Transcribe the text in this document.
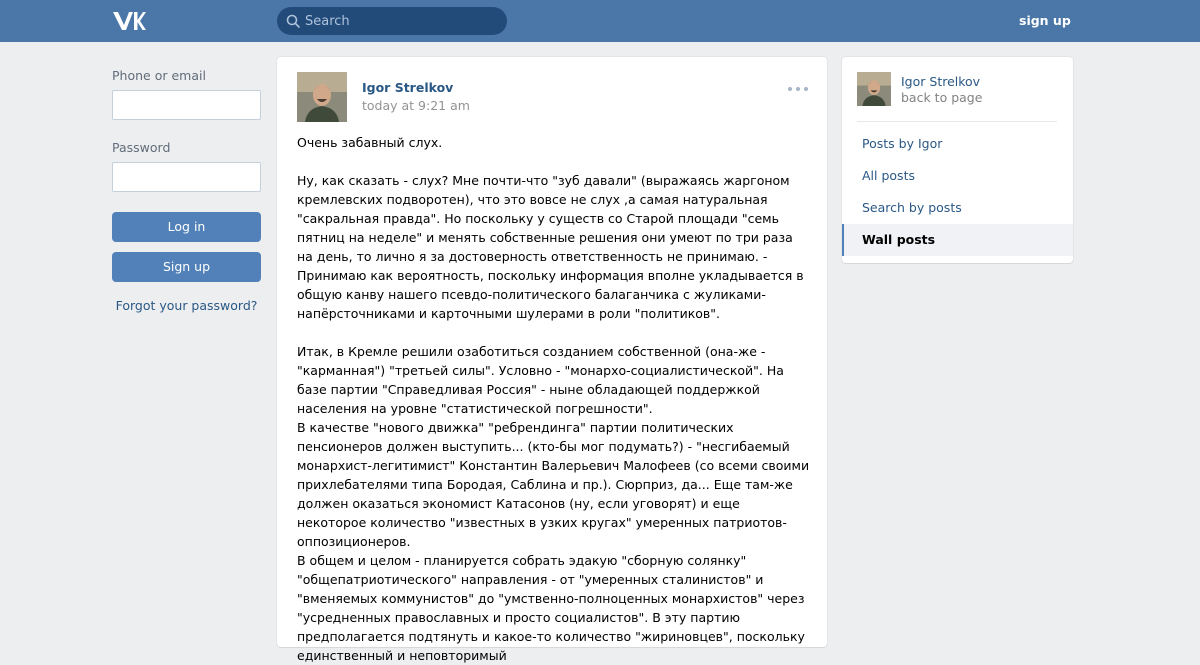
Search
sign up
Phone or email
Password
Log in
Sign up
Forgot your password?
Igor Strelkov
today at 9:21 am

Очень забавный слух.

Ну, как сказать - слух? Мне почти-что "зуб давали" (выражаясь жаргоном кремлевских подворотен), что это вовсе не слух ,а самая натуральная "сакральная правда". Но поскольку у существ со Старой площади "семь пятниц на неделе" и менять собственные решения они умеют по три раза на день, то лично я за достоверность ответственность не принимаю. - Принимаю как вероятность, поскольку информация вполне укладывается в общую канву нашего псевдо-политического балаганчика с жуликами-напёрсточниками и карточными шулерами в роли "политиков".

Итак, в Кремле решили озаботиться созданием собственной (она-же - "карманная") "третьей силы". Условно - "монархо-социалистической". На базе партии "Справедливая Россия" - ныне обладающей поддержкой населения на уровне "статистической погрешности".

В качестве "нового движка" "ребрендинга" партии политических пенсионеров должен выступить... (кто-бы мог подумать?) - "несгибаемый монархист-легитимист" Константин Валерьевич Малофеев (со всеми своими прихлебателями типа Бородая, Саблина и пр.). Сюрприз, да... Еще там-же должен оказаться экономист Катасонов (ну, если уговорят) и еще некоторое количество "известных в узких кругах" умеренных патриотов-оппозиционеров.

В общем и целом - планируется собрать эдакую "сборную солянку" "общепатриотического" направления - от "умеренных сталинистов" и "вменяемых коммунистов" до "умственно-полноценных монархистов" через "усредненных православных и просто социалистов". В эту партию предполагается подтянуть и какое-то количество "жириновцев", поскольку единственный и неповторимый

Igor Strelkov
back to page
Posts by Igor
All posts
Search by posts
Wall posts
